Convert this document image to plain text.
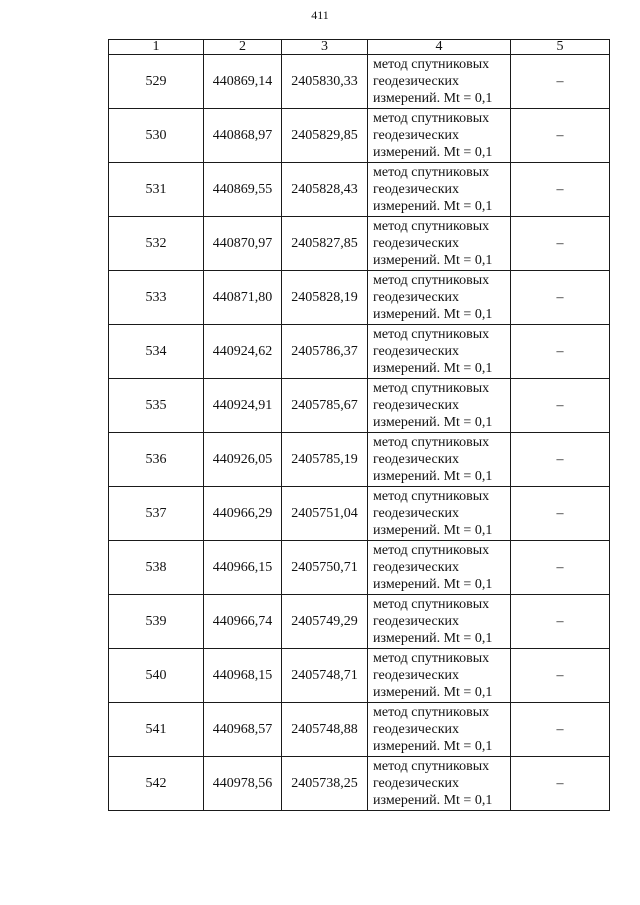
411
1	2	3	4	5
529	440869,14	2405830,33	метод спутниковых
геодезических
измерений. Mt = 0,1	–
530	440868,97	2405829,85	метод спутниковых
геодезических
измерений. Mt = 0,1	–
531	440869,55	2405828,43	метод спутниковых
геодезических
измерений. Mt = 0,1	–
532	440870,97	2405827,85	метод спутниковых
геодезических
измерений. Mt = 0,1	–
533	440871,80	2405828,19	метод спутниковых
геодезических
измерений. Mt = 0,1	–
534	440924,62	2405786,37	метод спутниковых
геодезических
измерений. Mt = 0,1	–
535	440924,91	2405785,67	метод спутниковых
геодезических
измерений. Mt = 0,1	–
536	440926,05	2405785,19	метод спутниковых
геодезических
измерений. Mt = 0,1	–
537	440966,29	2405751,04	метод спутниковых
геодезических
измерений. Mt = 0,1	–
538	440966,15	2405750,71	метод спутниковых
геодезических
измерений. Mt = 0,1	–
539	440966,74	2405749,29	метод спутниковых
геодезических
измерений. Mt = 0,1	–
540	440968,15	2405748,71	метод спутниковых
геодезических
измерений. Mt = 0,1	–
541	440968,57	2405748,88	метод спутниковых
геодезических
измерений. Mt = 0,1	–
542	440978,56	2405738,25	метод спутниковых
геодезических
измерений. Mt = 0,1	–
